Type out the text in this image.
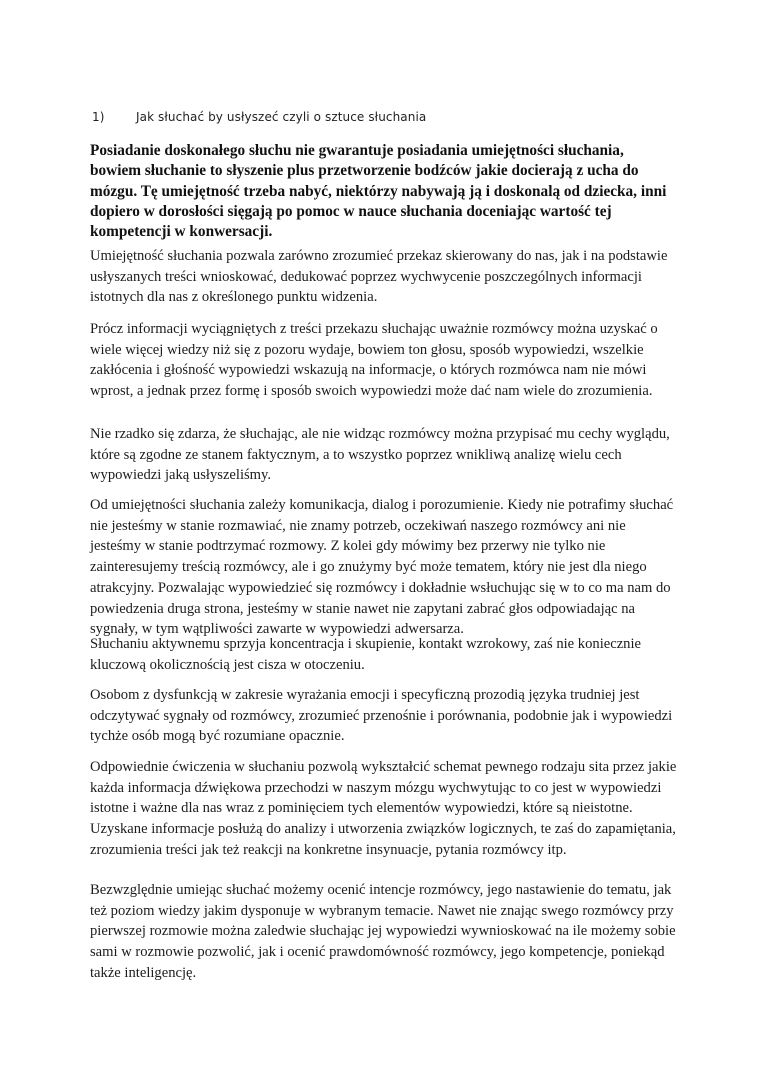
1)	Jak słuchać by usłyszeć czyli o sztuce słuchania
Posiadanie doskonałego słuchu nie gwarantuje posiadania umiejętności słuchania, bowiem słuchanie to słyszenie plus przetworzenie bodźców jakie docierają z ucha do mózgu. Tę umiejętność trzeba nabyć, niektórzy nabywają ją i doskonalą od dziecka, inni dopiero w dorosłości sięgają po pomoc w nauce słuchania doceniając wartość tej kompetencji w konwersacji.
Umiejętność słuchania pozwala zarówno zrozumieć przekaz skierowany do nas, jak i na podstawie usłyszanych treści wnioskować, dedukować poprzez wychwycenie poszczególnych informacji istotnych dla nas z określonego punktu widzenia.
Prócz informacji wyciągniętych z treści przekazu słuchając uważnie rozmówcy można uzyskać o wiele więcej wiedzy niż się z pozoru wydaje, bowiem ton głosu, sposób wypowiedzi, wszelkie zakłócenia i głośność wypowiedzi wskazują na informacje, o których rozmówca nam nie mówi wprost, a jednak przez formę i sposób swoich wypowiedzi może dać nam wiele do zrozumienia.
Nie rzadko się zdarza, że słuchając, ale nie widząc rozmówcy można przypisać mu cechy wyglądu, które są zgodne ze stanem faktycznym, a to wszystko poprzez wnikliwą analizę wielu cech wypowiedzi jaką usłyszeliśmy.
Od umiejętności słuchania zależy komunikacja, dialog i porozumienie. Kiedy nie potrafimy słuchać nie jesteśmy w stanie rozmawiać, nie znamy potrzeb, oczekiwań naszego rozmówcy ani nie jesteśmy w stanie podtrzymać rozmowy. Z kolei gdy mówimy bez przerwy nie tylko nie zainteresujemy treścią rozmówcy, ale i go znużymy być może tematem, który nie jest dla niego atrakcyjny. Pozwalając wypowiedzieć się rozmówcy i dokładnie wsłuchując się w to co ma nam do powiedzenia druga strona, jesteśmy w stanie nawet nie zapytani zabrać głos odpowiadając na sygnały, w tym wątpliwości zawarte w wypowiedzi adwersarza.
Słuchaniu aktywnemu sprzyja koncentracja i skupienie, kontakt wzrokowy, zaś nie koniecznie kluczową okolicznością jest cisza w otoczeniu.
Osobom z dysfunkcją w zakresie wyrażania emocji i specyficzną prozodią języka trudniej jest odczytywać sygnały od rozmówcy, zrozumieć przenośnie i porównania, podobnie jak i wypowiedzi tychże osób mogą być rozumiane opacznie.
Odpowiednie ćwiczenia w słuchaniu pozwolą wykształcić schemat pewnego rodzaju sita przez jakie każda informacja dźwiękowa przechodzi w naszym mózgu wychwytując to co jest w wypowiedzi istotne i ważne dla nas wraz z pominięciem tych elementów wypowiedzi, które są nieistotne. Uzyskane informacje posłużą do analizy i utworzenia związków logicznych, te zaś do zapamiętania, zrozumienia treści jak też reakcji na konkretne insynuacje, pytania rozmówcy itp.
Bezwzględnie umiejąc słuchać możemy ocenić intencje rozmówcy, jego nastawienie do tematu, jak też poziom wiedzy jakim dysponuje w wybranym temacie. Nawet nie znając swego rozmówcy przy pierwszej rozmowie można zaledwie słuchając jej wypowiedzi wywnioskować na ile możemy sobie sami w rozmowie pozwolić, jak i ocenić prawdomówność rozmówcy, jego kompetencje, poniekąd także inteligencję.
